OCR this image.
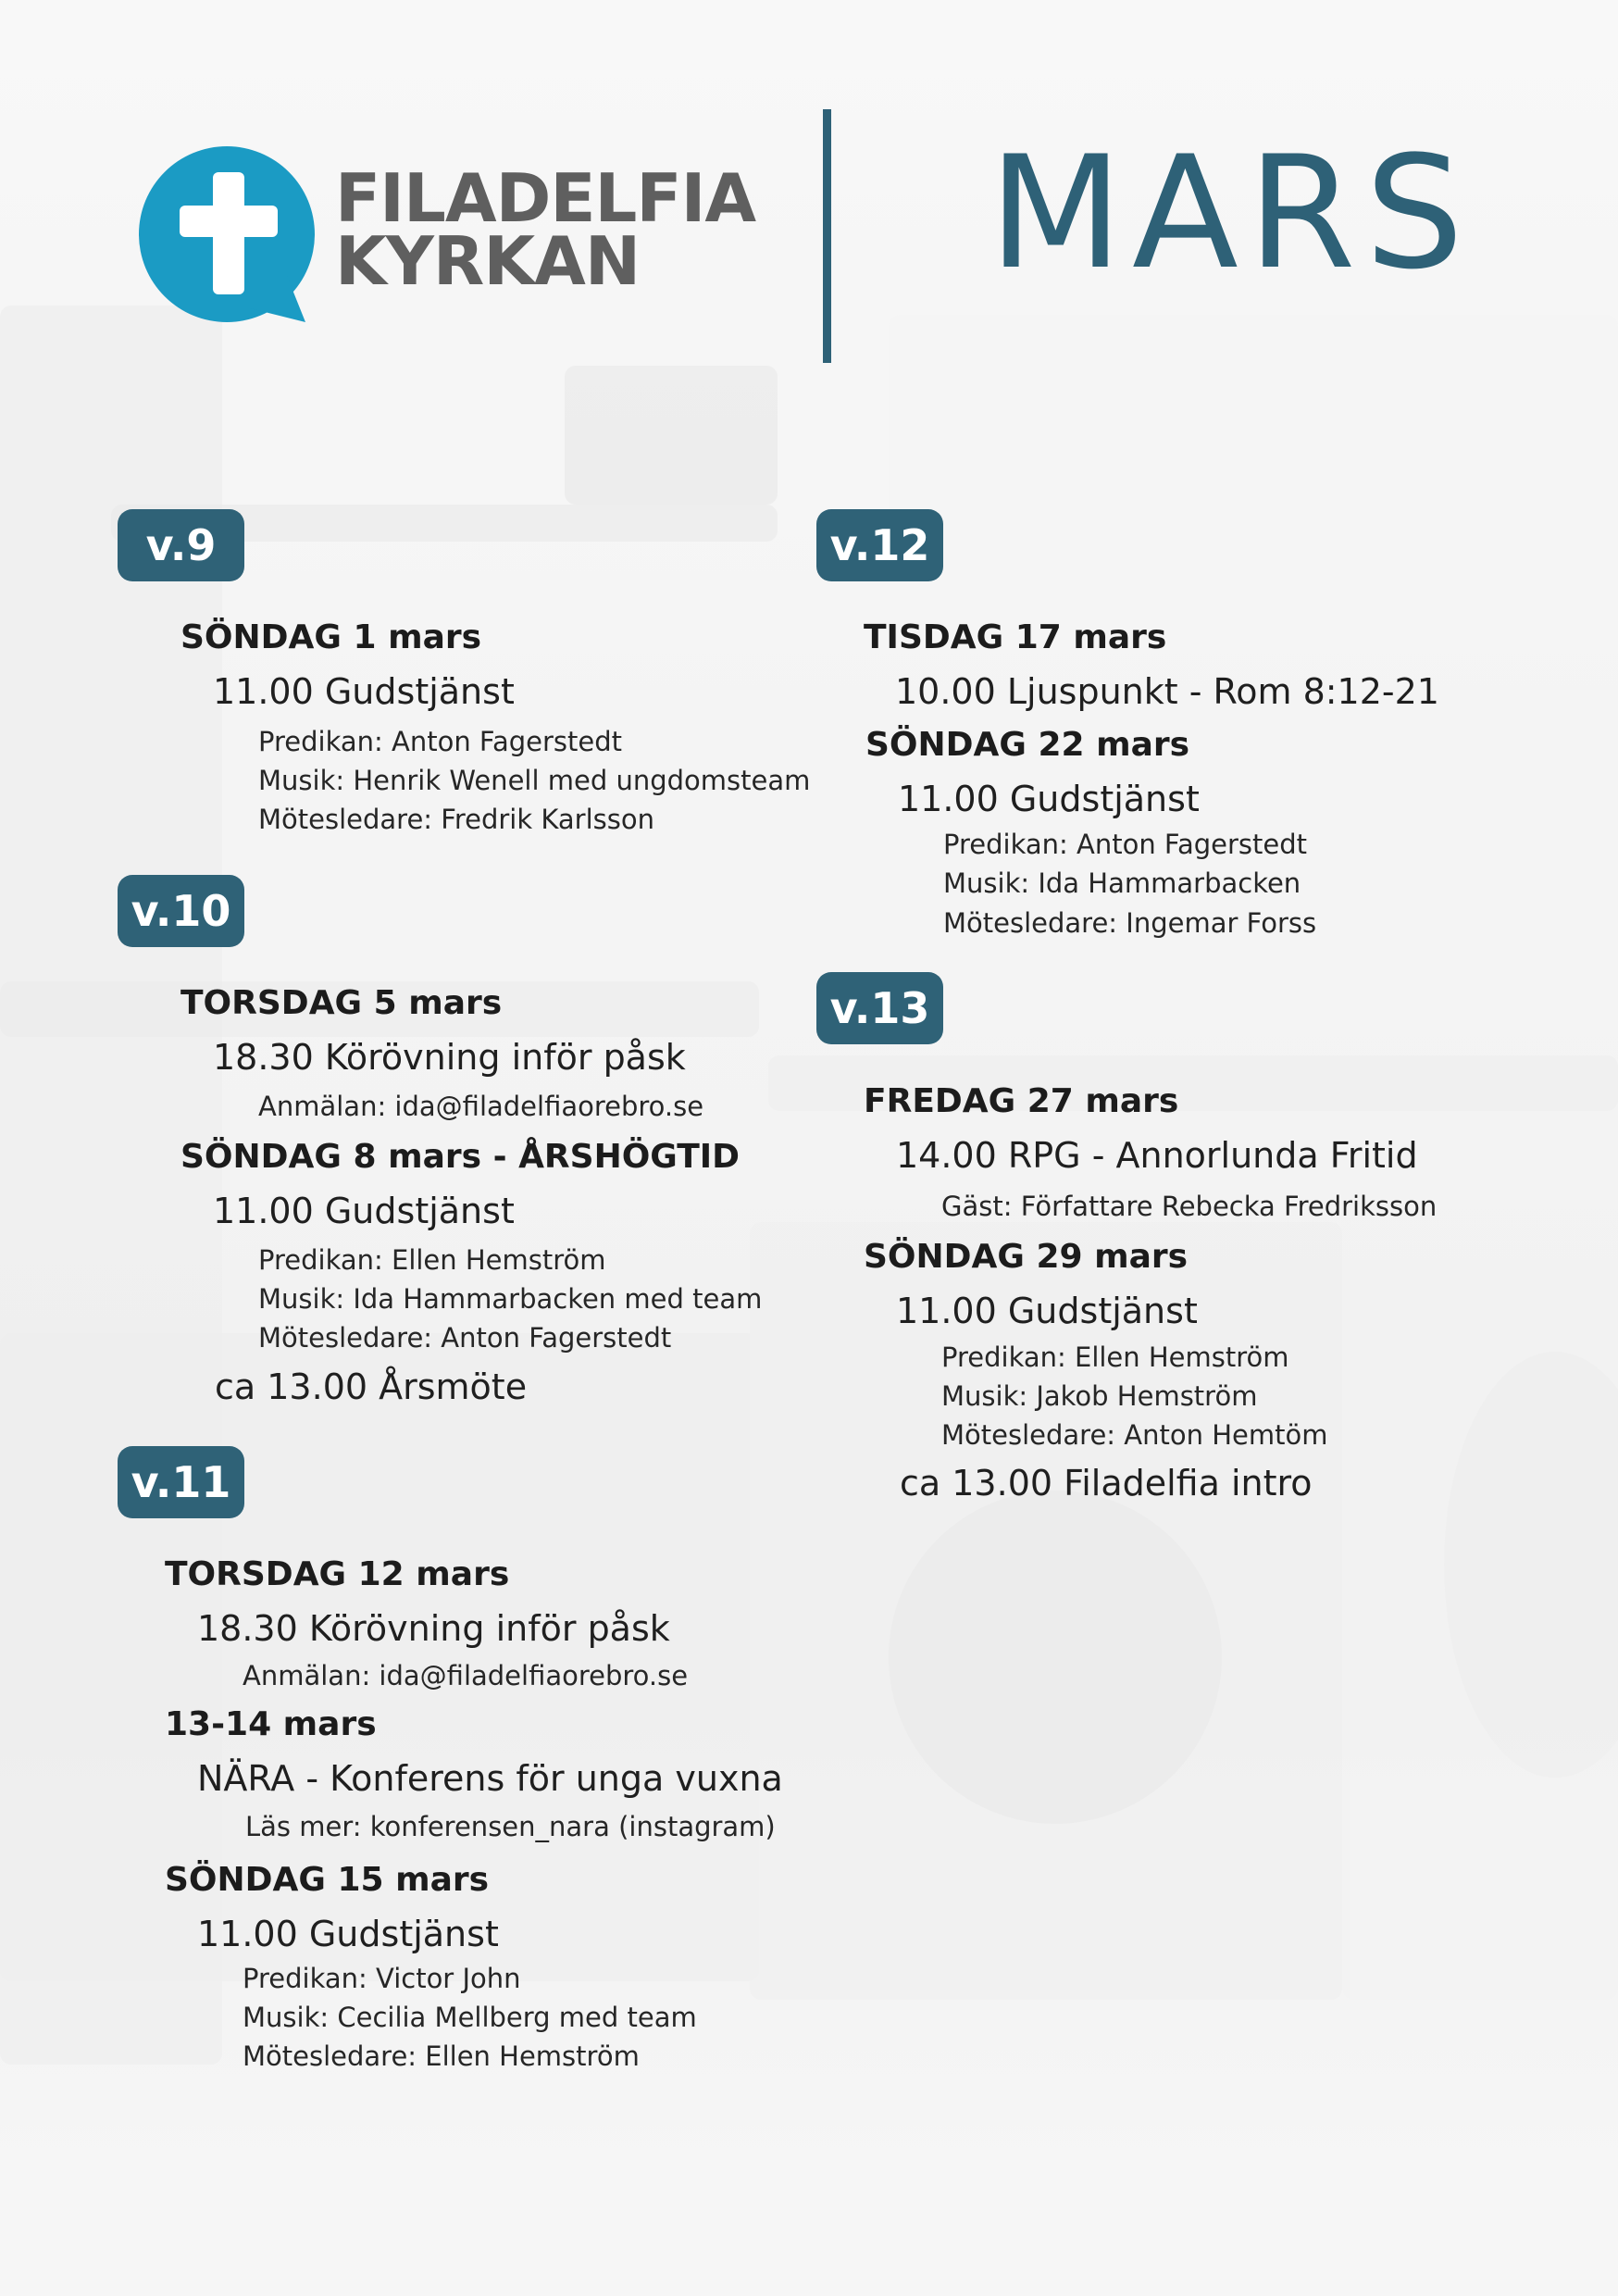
FILADELFIA
KYRKAN	MARS
v.9
SÖNDAG 1 mars
11.00 Gudstjänst
Predikan: Anton Fagerstedt
Musik: Henrik Wenell med ungdomsteam
Mötesledare: Fredrik Karlsson
v.10
TORSDAG 5 mars
18.30 Körövning inför påsk
Anmälan: ida@filadelfiaorebro.se
SÖNDAG 8 mars - ÅRSHÖGTID
11.00 Gudstjänst
Predikan: Ellen Hemström
Musik: Ida Hammarbacken med team
Mötesledare: Anton Fagerstedt
ca 13.00 Årsmöte
v.11
TORSDAG 12 mars
18.30 Körövning inför påsk
Anmälan: ida@filadelfiaorebro.se
13-14 mars
NÄRA - Konferens för unga vuxna
Läs mer: konferensen_nara (instagram)
SÖNDAG 15 mars
11.00 Gudstjänst
Predikan: Victor John
Musik: Cecilia Mellberg med team
Mötesledare: Ellen Hemström
v.12
TISDAG 17 mars
10.00 Ljuspunkt - Rom 8:12-21
SÖNDAG 22 mars
11.00 Gudstjänst
Predikan: Anton Fagerstedt
Musik: Ida Hammarbacken
Mötesledare: Ingemar Forss
v.13
FREDAG 27 mars
14.00 RPG - Annorlunda Fritid
Gäst: Författare Rebecka Fredriksson
SÖNDAG 29 mars
11.00 Gudstjänst
Predikan: Ellen Hemström
Musik: Jakob Hemström
Mötesledare: Anton Hemtöm
ca 13.00 Filadelfia intro
